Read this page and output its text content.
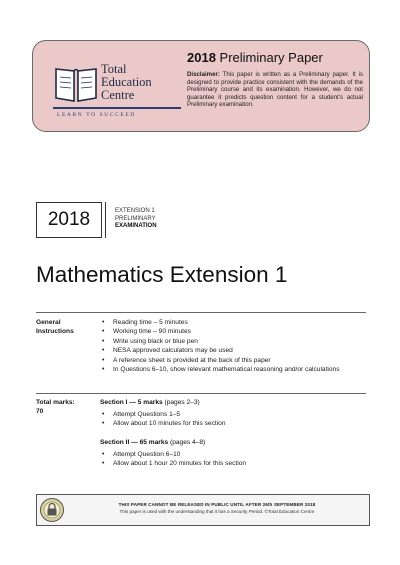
Total
Education
Centre
LEARN TO SUCCEED
2018 Preliminary Paper
Disclaimer: This paper is written as a Preliminary paper. It is designed to provide practice consistent with the demands of the Preliminary course and its examination. However, we do not guarantee it predicts question content for a student's actual Preliminary examination.
2018	EXTENSION 1
PRELIMINARY
EXAMINATION
Mathematics Extension 1
General
Instructions
• Reading time – 5 minutes
• Working time – 90 minutes
• Write using black or blue pen
• NESA approved calculators may be used
• A reference sheet is provided at the back of this paper
• In Questions 6–10, show relevant mathematical reasoning and/or calculations
Total marks:
70
Section I — 5 marks (pages 2–3)
• Attempt Questions 1–5
• Allow about 10 minutes for this section
Section II — 65 marks (pages 4–8)
• Attempt Question 6–10
• Allow about 1 hour 20 minutes for this section
THIS PAPER CANNOT BE RELEASED IN PUBLIC UNTIL AFTER 26th SEPTEMBER 2018
This paper is used with the understanding that it has a Security Period. ©Total Education Centre
